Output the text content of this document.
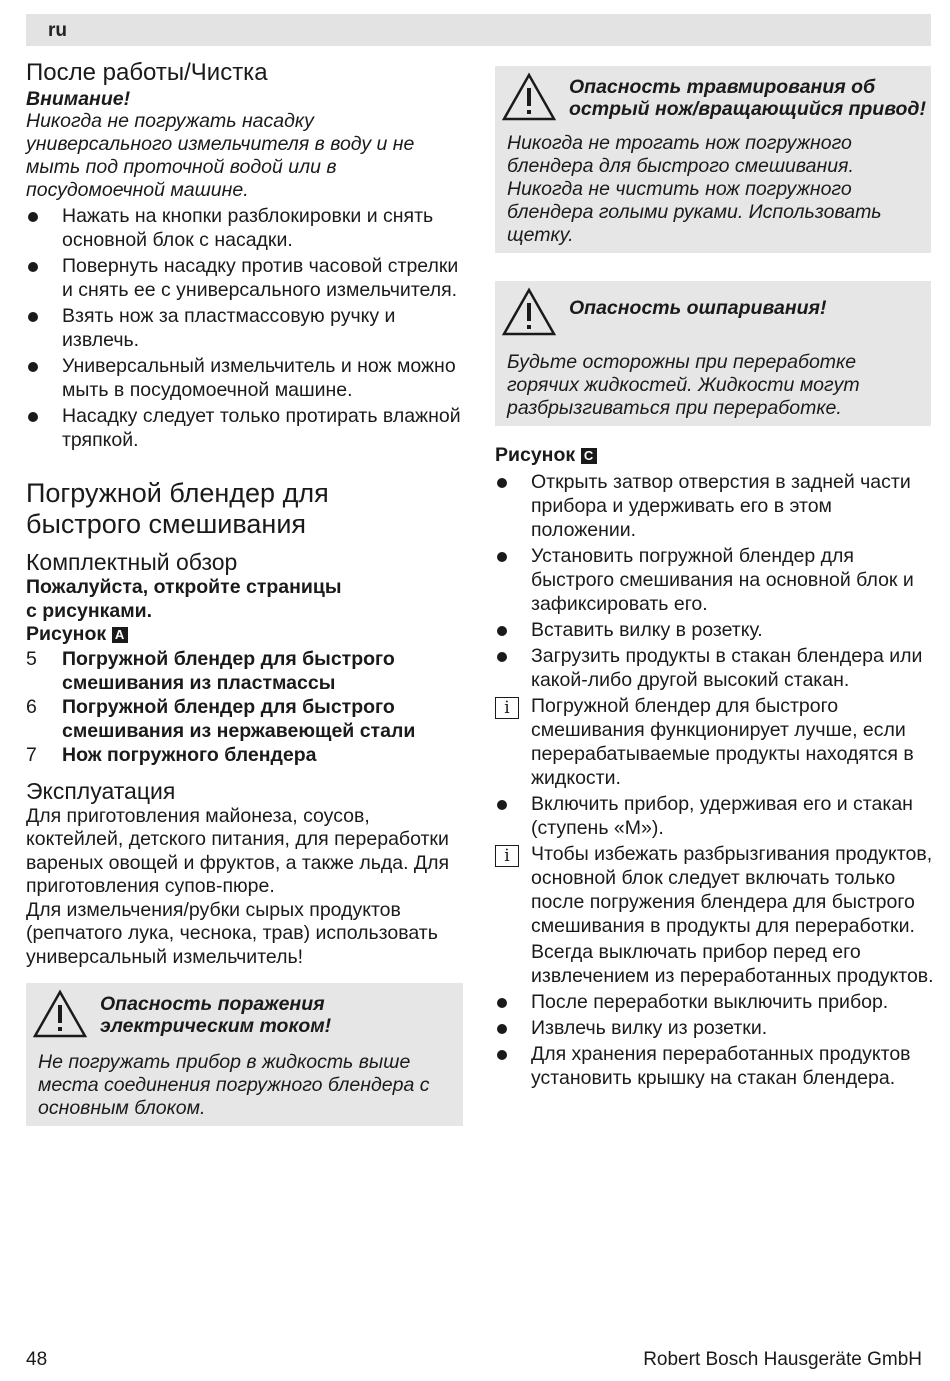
ru
После работы/Чистка
Внимание!
Никогда не погружать насадку универсального измельчителя в воду и не мыть под проточной водой или в посудомоечной машине.
Нажать на кнопки разблокировки и снять основной блок с насадки.
Повернуть насадку против часовой стрелки и снять ее с универсального измельчителя.
Взять нож за пластмассовую ручку и извлечь.
Универсальный измельчитель и нож можно мыть в посудомоечной машине.
Насадку следует только протирать влажной тряпкой.
Погружной блендер для быстрого смешивания
Комплектный обзор
Пожалуйста, откройте страницы с рисунками.
Рисунок A
5 Погружной блендер для быстрого смешивания из пластмассы
6 Погружной блендер для быстрого смешивания из нержавеющей стали
7 Нож погружного блендера
Эксплуатация
Для приготовления майонеза, соусов, коктейлей, детского питания, для переработки вареных овощей и фруктов, а также льда. Для приготовления супов-пюре.
Для измельчения/рубки сырых продуктов (репчатого лука, чеснока, трав) использовать универсальный измельчитель!
Опасность поражения электрическим током!
Не погружать прибор в жидкость выше места соединения погружного блендера с основным блоком.
Опасность травмирования об острый нож/вращающийся привод!
Никогда не трогать нож погружного блендера для быстрого смешивания. Никогда не чистить нож погружного блендера голыми руками. Использовать щетку.
Опасность ошпаривания!
Будьте осторожны при переработке горячих жидкостей. Жидкости могут разбрызгиваться при переработке.
Рисунок C
Открыть затвор отверстия в задней части прибора и удерживать его в этом положении.
Установить погружной блендер для быстрого смешивания на основной блок и зафиксировать его.
Вставить вилку в розетку.
Загрузить продукты в стакан блендера или какой-либо другой высокий стакан.
i	Погружной блендер для быстрого смешивания функционирует лучше, если перерабатываемые продукты находятся в жидкости.
Включить прибор, удерживая его и стакан (ступень «M»).
i	Чтобы избежать разбрызгивания продуктов, основной блок следует включать только после погружения блендера для быстрого смешивания в продукты для переработки.
Всегда выключать прибор перед его извлечением из переработанных продуктов.
После переработки выключить прибор.
Извлечь вилку из розетки.
Для хранения переработанных продуктов установить крышку на стакан блендера.
48	Robert Bosch Hausgeräte GmbH
